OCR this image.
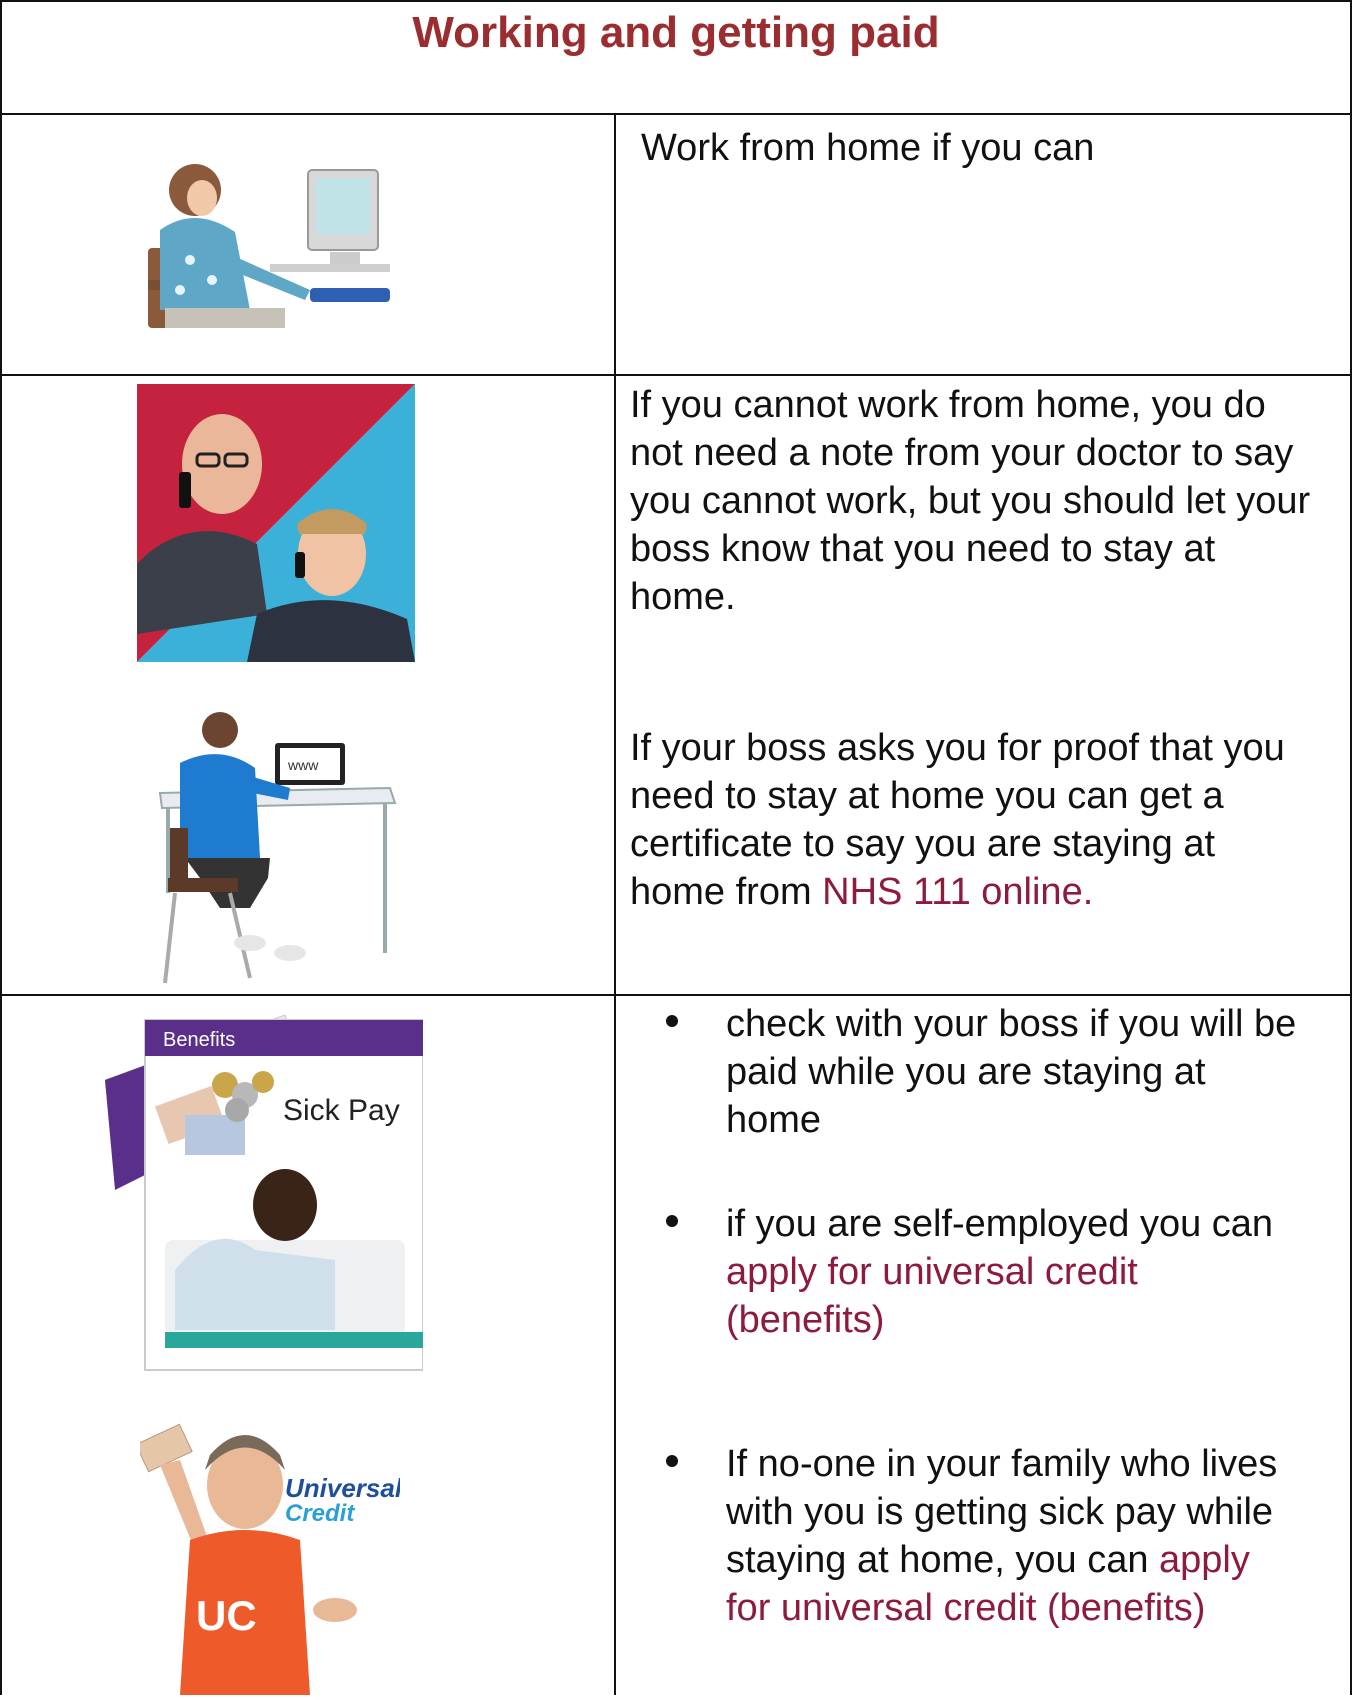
Working and getting paid

Work from home if you can

If you cannot work from home, you do not need a note from your doctor to say you cannot work, but you should let your boss know that you need to stay at home.

www	If your boss asks you for proof that you need to stay at home you can get a certificate to say you are staying at home from NHS 111 online.

Benefits
Sick Pay
UC
Universal
Credit
check with your boss if you will be paid while you are staying at home
if you are self-employed you can apply for universal credit (benefits)
If no-one in your family who lives with you is getting sick pay while staying at home, you can apply for universal credit (benefits)
